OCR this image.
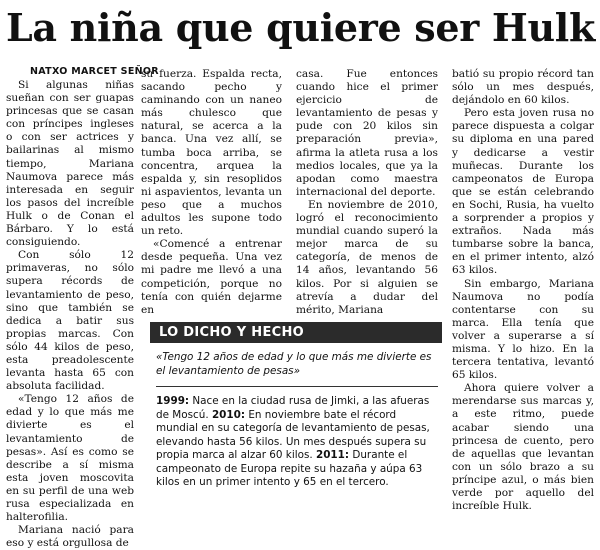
La niña que quiere ser Hulk
NATXO MARCET SEÑOR

Si algunas niñas sueñan con ser guapas princesas que se casan con príncipes ingleses o con ser actrices y bailarinas al mismo tiempo, Mariana Naumova parece más interesada en seguir los pasos del increíble Hulk o de Conan el Bárbaro. Y lo está consiguiendo.

Con sólo 12 primaveras, no sólo supera récords de levantamiento de peso, sino que también se dedica a batir sus propias marcas. Con sólo 44 kilos de peso, esta preadolescente levanta hasta 65 con absoluta facilidad.

«Tengo 12 años de edad y lo que más me divierte es el levantamiento de pesas». Así es como se describe a sí misma esta joven moscovita en su perfil de una web rusa especializada en halterofilia.

Mariana nació para eso y está orgullosa de

su fuerza. Espalda recta, sacando pecho y caminando con un naneo más chulesco que natural, se acerca a la banca. Una vez allí, se tumba boca arriba, se concentra, arquea la espalda y, sin resoplidos ni aspavientos, levanta un peso que a muchos adultos les supone todo un reto.

«Comencé a entrenar desde pequeña. Una vez mi padre me llevó a una competición, porque no tenía con quién dejarme en

casa. Fue entonces cuando hice el primer ejercicio de levantamiento de pesas y pude con 20 kilos sin preparación previa», afirma la atleta rusa a los medios locales, que ya la apodan como maestra internacional del deporte.

En noviembre de 2010, logró el reconocimiento mundial cuando superó la mejor marca de su categoría, de menos de 14 años, levantando 56 kilos. Por si alguien se atrevía a dudar del mérito, Mariana

batió su propio récord tan sólo un mes después, dejándolo en 60 kilos.

Pero esta joven rusa no parece dispuesta a colgar su diploma en una pared y dedicarse a vestir muñecas. Durante los campeonatos de Europa que se están celebrando en Sochi, Rusia, ha vuelto a sorprender a propios y extraños. Nada más tumbarse sobre la banca, en el primer intento, alzó 63 kilos.

Sin embargo, Mariana Naumova no podía contentarse con su marca. Ella tenía que volver a superarse a sí misma. Y lo hizo. En la tercera tentativa, levantó 65 kilos.

Ahora quiere volver a merendarse sus marcas y, a este ritmo, puede acabar siendo una princesa de cuento, pero de aquellas que levantan con un sólo brazo a su príncipe azul, o más bien verde por aquello del increíble Hulk.

LO DICHO Y HECHO
«Tengo 12 años de edad y lo que más me divierte es el levantamiento de pesas»
1999: Nace en la ciudad rusa de Jimki, a las afueras de Moscú. 2010: En noviembre bate el récord mundial en su categoría de levantamiento de pesas, elevando hasta 56 kilos. Un mes después supera su propia marca al alzar 60 kilos. 2011: Durante el campeonato de Europa repite su hazaña y aúpa 63 kilos en un primer intento y 65 en el tercero.
